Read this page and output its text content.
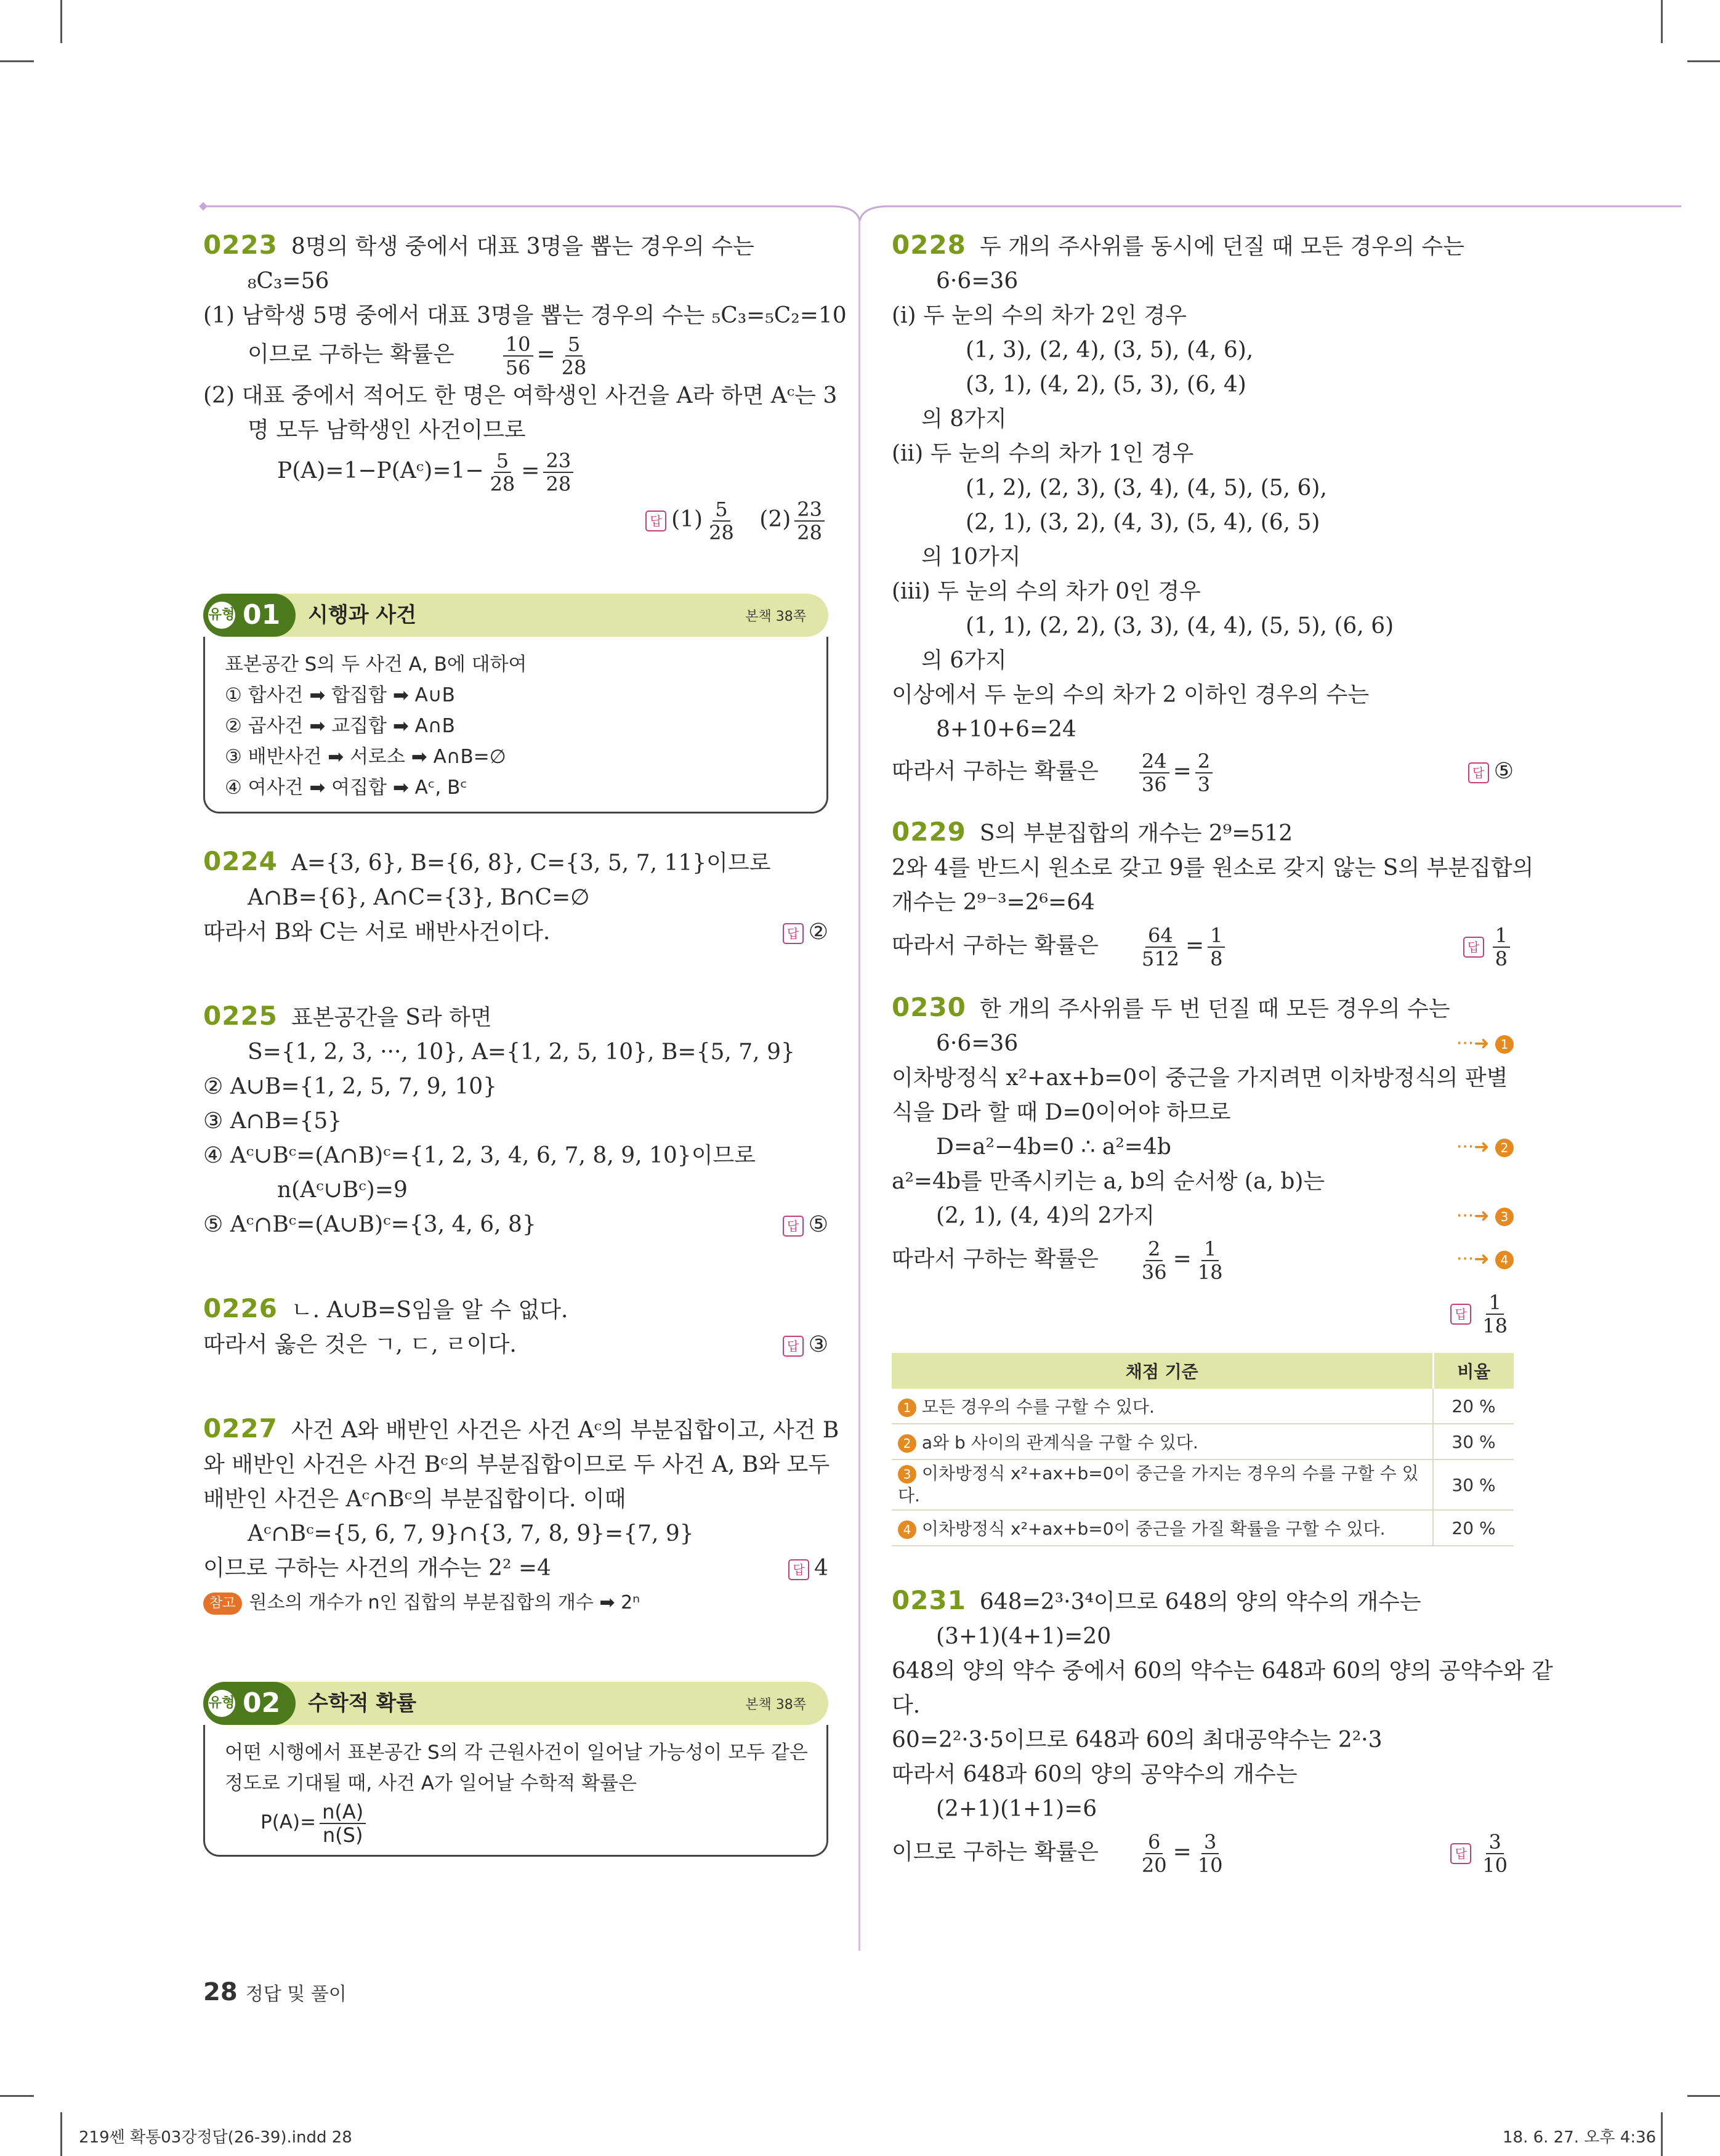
0223 8명의 학생 중에서 대표 3명을 뽑는 경우의 수는
₈C₃=56
(1) 남학생 5명 중에서 대표 3명을 뽑는 경우의 수는 ₅C₃=₅C₂=10
이므로 구하는 확률은 $\frac{10}{56} = \frac{5}{28}$
(2) 대표 중에서 적어도 한 명은 여학생인 사건을 A라 하면 Aᶜ는 3
명 모두 남학생인 사건이므로
P(A)=1−P(Aᶜ)=1− $\frac{5}{28} = \frac{23}{28}$
답 $(1) \frac{5}{28} (2) \frac{23}{28}$
유형 01 시행과 사건	본책 38쪽
표본공간 S의 두 사건 A, B에 대하여
① 합사건 ➡ 합집합 ➡ A∪B
② 곱사건 ➡ 교집합 ➡ A∩B
③ 배반사건 ➡ 서로소 ➡ A∩B=∅
④ 여사건 ➡ 여집합 ➡ Aᶜ, Bᶜ
0224 A={3, 6}, B={6, 8}, C={3, 5, 7, 11}이므로
A∩B={6}, A∩C={3}, B∩C=∅
따라서 B와 C는 서로 배반사건이다.	답 ②
0225 표본공간을 S라 하면
S={1, 2, 3, ···, 10}, A={1, 2, 5, 10}, B={5, 7, 9}
② A∪B={1, 2, 5, 7, 9, 10}
③ A∩B={5}
④ Aᶜ∪Bᶜ=(A∩B)ᶜ={1, 2, 3, 4, 6, 7, 8, 9, 10}이므로
n(Aᶜ∪Bᶜ)=9
⑤ Aᶜ∩Bᶜ=(A∪B)ᶜ={3, 4, 6, 8}	답 ⑤
0226 ㄴ. A∪B=S임을 알 수 없다.
따라서 옳은 것은 ㄱ, ㄷ, ㄹ이다.	답 ③
0227 사건 A와 배반인 사건은 사건 Aᶜ의 부분집합이고, 사건 B
와 배반인 사건은 사건 Bᶜ의 부분집합이므로 두 사건 A, B와 모두
배반인 사건은 Aᶜ∩Bᶜ의 부분집합이다. 이때
Aᶜ∩Bᶜ={5, 6, 7, 9}∩{3, 7, 8, 9}={7, 9}
이므로 구하는 사건의 개수는 2² =4	답 4
참고 원소의 개수가 n인 집합의 부분집합의 개수 ➡ 2ⁿ
유형 02 수학적 확률	본책 38쪽
어떤 시행에서 표본공간 S의 각 근원사건이 일어날 가능성이 모두 같은
정도로 기대될 때, 사건 A가 일어날 수학적 확률은
$P(A)= \frac{n(A)}{n(S)}$
0228 두 개의 주사위를 동시에 던질 때 모든 경우의 수는
6·6=36
(i) 두 눈의 수의 차가 2인 경우
(1, 3), (2, 4), (3, 5), (4, 6),
(3, 1), (4, 2), (5, 3), (6, 4)
의 8가지
(ii) 두 눈의 수의 차가 1인 경우
(1, 2), (2, 3), (3, 4), (4, 5), (5, 6),
(2, 1), (3, 2), (4, 3), (5, 4), (6, 5)
의 10가지
(iii) 두 눈의 수의 차가 0인 경우
(1, 1), (2, 2), (3, 3), (4, 4), (5, 5), (6, 6)
의 6가지
이상에서 두 눈의 수의 차가 2 이하인 경우의 수는
8+10+6=24
따라서 구하는 확률은 $\frac{24}{36} = \frac{2}{3}$	답 ⑤
0229 S의 부분집합의 개수는 2⁹=512
2와 4를 반드시 원소로 갖고 9를 원소로 갖지 않는 S의 부분집합의
개수는 2⁹⁻³=2⁶=64
따라서 구하는 확률은 $\frac{64}{512} = \frac{1}{8}$	답 $\frac{1}{8}$
0230 한 개의 주사위를 두 번 던질 때 모든 경우의 수는
6·6=36	···➜ 1
이차방정식 x²+ax+b=0이 중근을 가지려면 이차방정식의 판별
식을 D라 할 때 D=0이어야 하므로
D=a²−4b=0 ∴ a²=4b	···➜ 2
a²=4b를 만족시키는 a, b의 순서쌍 (a, b)는
(2, 1), (4, 4)의 2가지	···➜ 3
따라서 구하는 확률은 $\frac{2}{36} = \frac{1}{18}$	···➜ 4
답 $\frac{1}{18}$
채점 기준	비율
1 모든 경우의 수를 구할 수 있다.	20 %
2 a와 b 사이의 관계식을 구할 수 있다.	30 %
3 이차방정식 x²+ax+b=0이 중근을 가지는 경우의 수를 구할 수 있다.	30 %
4 이차방정식 x²+ax+b=0이 중근을 가질 확률을 구할 수 있다.	20 %
0231 648=2³·3⁴이므로 648의 양의 약수의 개수는
(3+1)(4+1)=20
648의 양의 약수 중에서 60의 약수는 648과 60의 양의 공약수와 같
다.
60=2²·3·5이므로 648과 60의 최대공약수는 2²·3
따라서 648과 60의 양의 공약수의 개수는
(2+1)(1+1)=6
이므로 구하는 확률은 $\frac{6}{20} = \frac{3}{10}$	답 $\frac{3}{10}$
28 정답 및 풀이
219쎈 확통03강정답(26-39).indd 28	18. 6. 27. 오후 4:36
